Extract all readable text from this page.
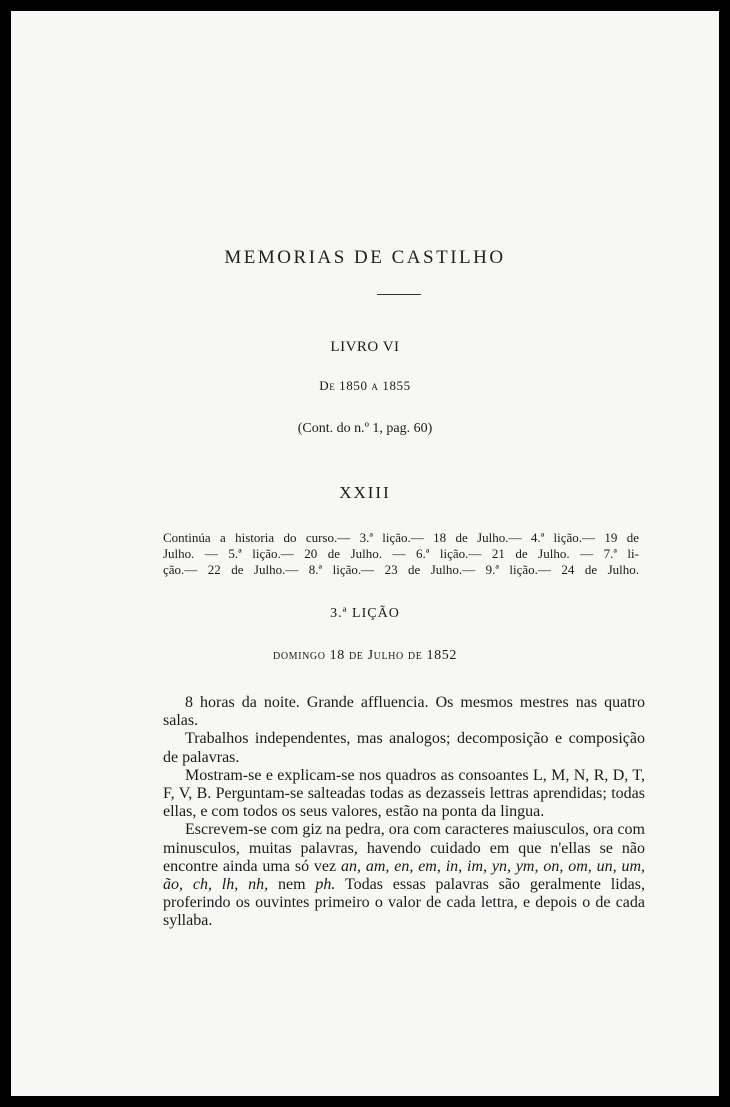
MEMORIAS DE CASTILHO
LIVRO VI
De 1850 a 1855
(Cont. do n.º 1, pag. 60)
XXIII
Continúa a historia do curso.— 3.ª lição.— 18 de Julho.— 4.ª lição.— 19 de
Julho. — 5.ª lição.— 20 de Julho. — 6.ª lição.— 21 de Julho. — 7.ª li-
ção.— 22 de Julho.— 8.ª lição.— 23 de Julho.— 9.ª lição.— 24 de Julho.
3.ª LIÇÃO
domingo 18 de Julho de 1852

8 horas da noite. Grande affluencia. Os mesmos mestres nas quatro salas.

Trabalhos independentes, mas analogos; decomposição e composição de palavras.

Mostram-se e explicam-se nos quadros as consoantes L, M, N, R, D, T, F, V, B. Perguntam-se salteadas todas as dezasseis lettras aprendidas; todas ellas, e com todos os seus valores, estão na ponta da lingua.

Escrevem-se com giz na pedra, ora com caracteres maiusculos, ora com minusculos, muitas palavras, havendo cuidado em que n'ellas se não encontre ainda uma só vez an, am, en, em, in, im, yn, ym, on, om, un, um, ão, ch, lh, nh, nem ph. Todas essas palavras são geralmente lidas, proferindo os ouvintes primeiro o valor de cada lettra, e depois o de cada syllaba.
